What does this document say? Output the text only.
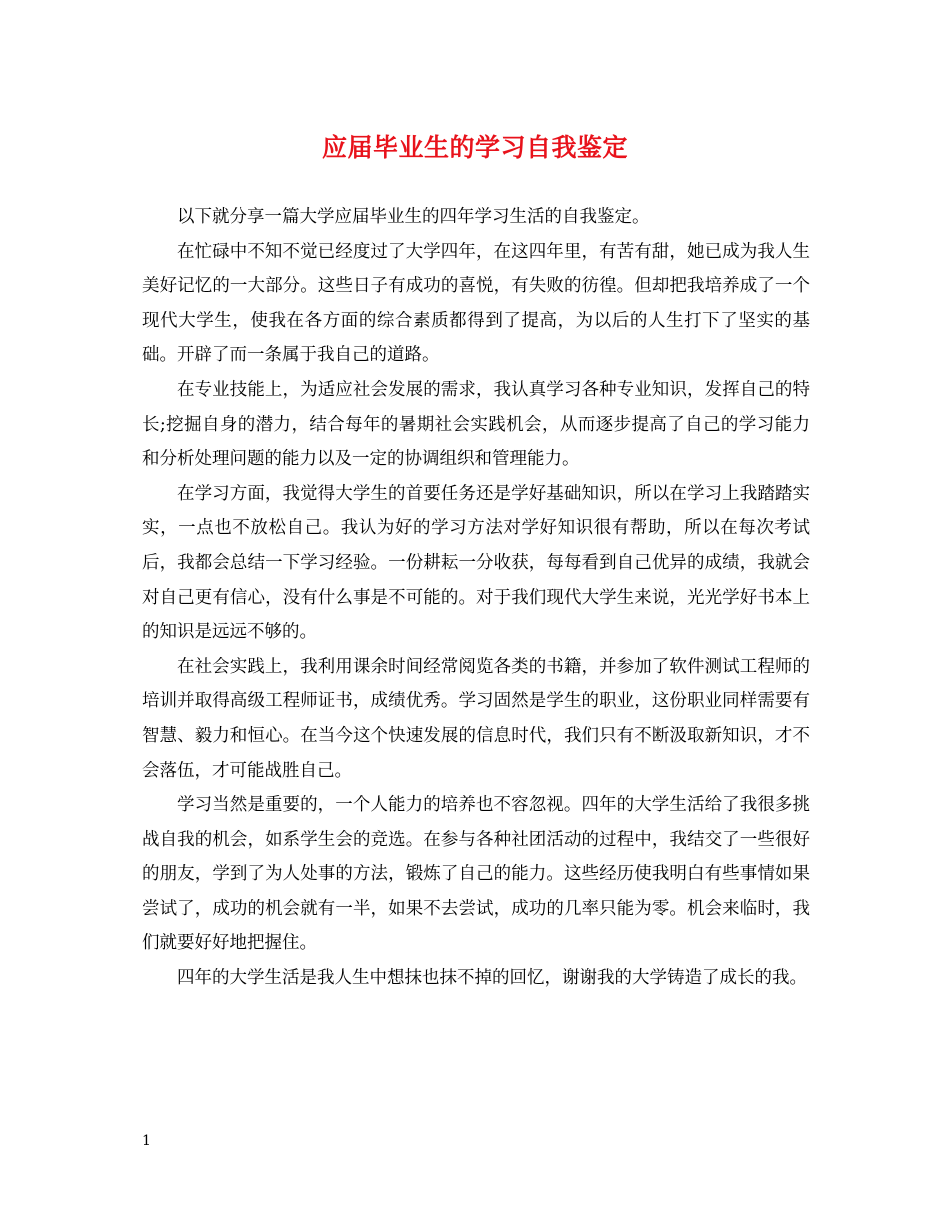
应届毕业生的学习自我鉴定

以下就分享一篇大学应届毕业生的四年学习生活的自我鉴定。

在忙碌中不知不觉已经度过了大学四年，在这四年里，有苦有甜，她已成为我人生美好记忆的一大部分。这些日子有成功的喜悦，有失败的彷徨。但却把我培养成了一个现代大学生，使我在各方面的综合素质都得到了提高，为以后的人生打下了坚实的基础。开辟了而一条属于我自己的道路。

在专业技能上，为适应社会发展的需求，我认真学习各种专业知识，发挥自己的特长;挖掘自身的潜力，结合每年的暑期社会实践机会，从而逐步提高了自己的学习能力和分析处理问题的能力以及一定的协调组织和管理能力。

在学习方面，我觉得大学生的首要任务还是学好基础知识，所以在学习上我踏踏实实，一点也不放松自己。我认为好的学习方法对学好知识很有帮助，所以在每次考试后，我都会总结一下学习经验。一份耕耘一分收获，每每看到自己优异的成绩，我就会对自己更有信心，没有什么事是不可能的。对于我们现代大学生来说，光光学好书本上的知识是远远不够的。

在社会实践上，我利用课余时间经常阅览各类的书籍，并参加了软件测试工程师的培训并取得高级工程师证书，成绩优秀。学习固然是学生的职业，这份职业同样需要有智慧、毅力和恒心。在当今这个快速发展的信息时代，我们只有不断汲取新知识，才不会落伍，才可能战胜自己。

学习当然是重要的，一个人能力的培养也不容忽视。四年的大学生活给了我很多挑战自我的机会，如系学生会的竞选。在参与各种社团活动的过程中，我结交了一些很好的朋友，学到了为人处事的方法，锻炼了自己的能力。这些经历使我明白有些事情如果尝试了，成功的机会就有一半，如果不去尝试，成功的几率只能为零。机会来临时，我们就要好好地把握住。

四年的大学生活是我人生中想抹也抹不掉的回忆，谢谢我的大学铸造了成长的我。

1
